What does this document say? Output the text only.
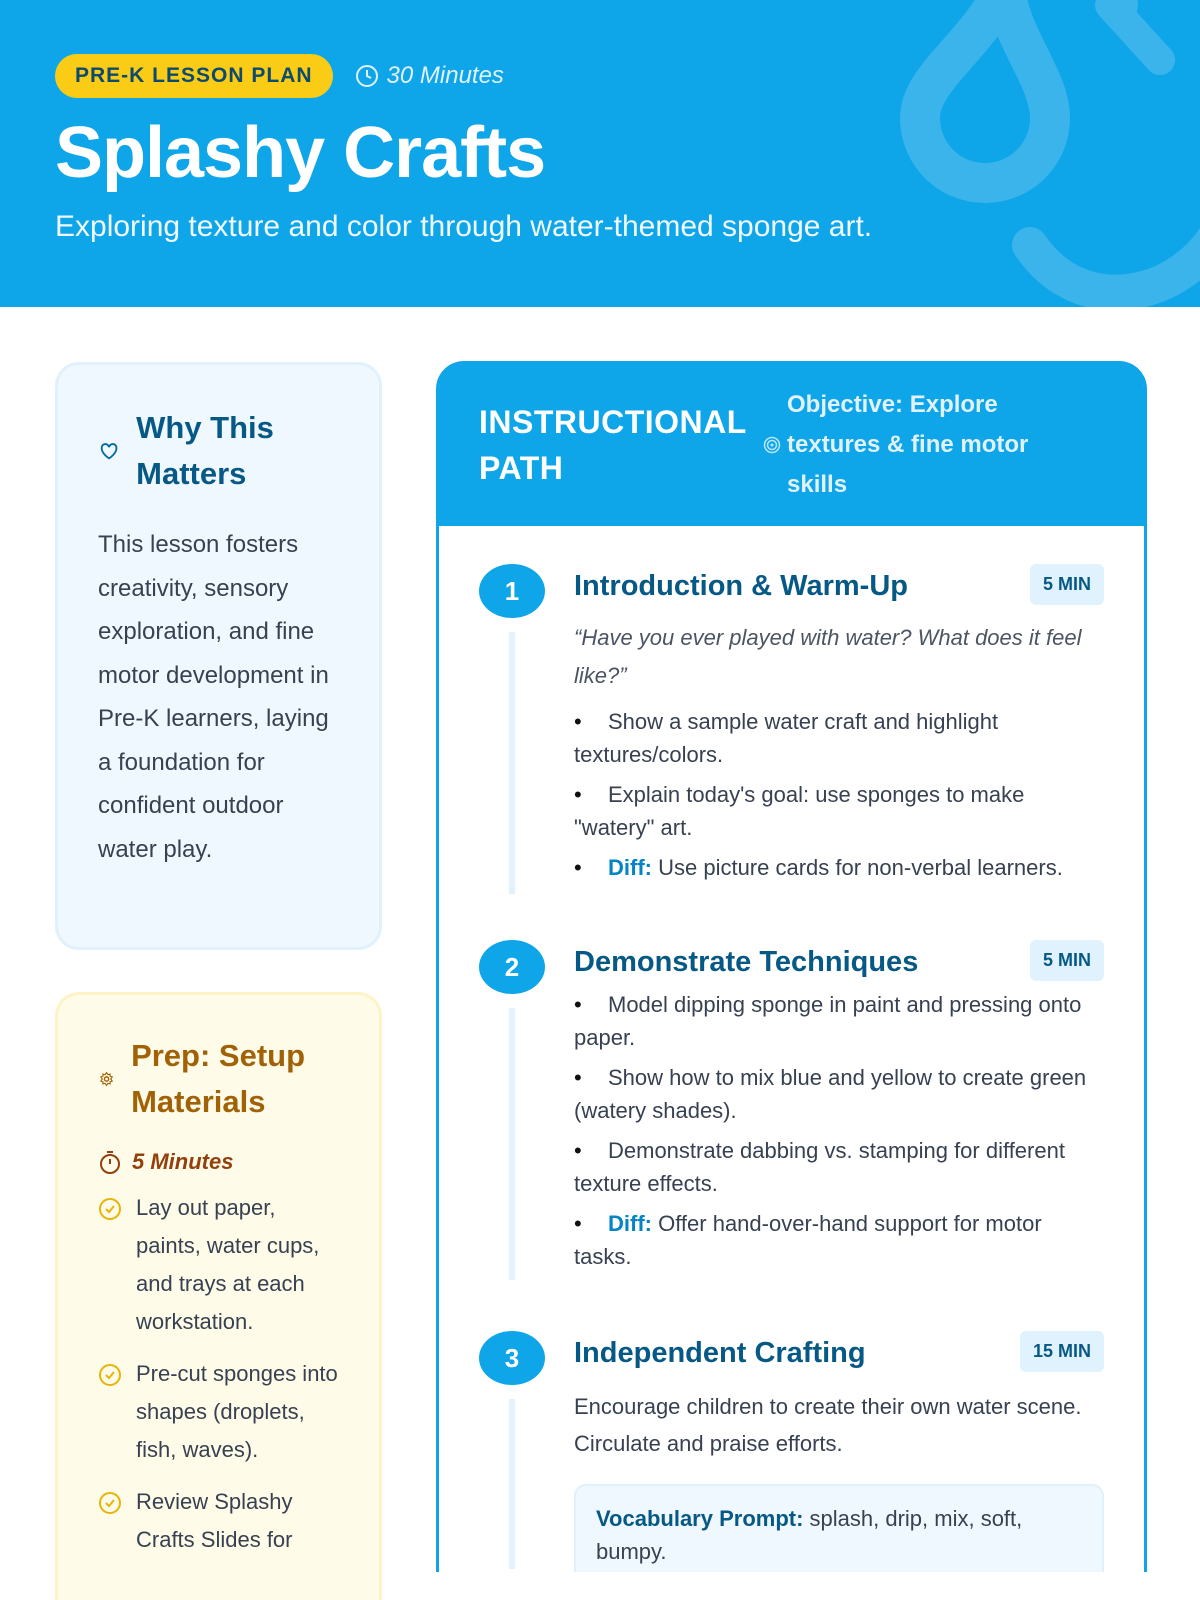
PRE-K LESSON PLAN	30 Minutes
Splashy Crafts

Exploring texture and color through water-themed sponge art.

Why This Matters

This lesson fosters creativity, sensory exploration, and fine motor development in Pre-K learners, laying a foundation for confident outdoor water play.

Prep: Setup Materials
5 Minutes
Lay out paper, paints, water cups, and trays at each workstation.
Pre-cut sponges into shapes (droplets, fish, waves).
Review Splashy Crafts Slides for
INSTRUCTIONAL PATH
Objective: Explore textures & fine motor skills
1	Introduction & Warm-Up	5 MIN

“Have you ever played with water? What does it feel like?”

• Show a sample water craft and highlight textures/colors.
• Explain today's goal: use sponges to make "watery" art.
• Diff: Use picture cards for non-verbal learners.
2	Demonstrate Techniques	5 MIN
• Model dipping sponge in paint and pressing onto paper.
• Show how to mix blue and yellow to create green (watery shades).
• Demonstrate dabbing vs. stamping for different texture effects.
• Diff: Offer hand-over-hand support for motor tasks.
3	Independent Crafting	15 MIN

Encourage children to create their own water scene. Circulate and praise efforts.

Vocabulary Prompt: splash, drip, mix, soft, bumpy.
